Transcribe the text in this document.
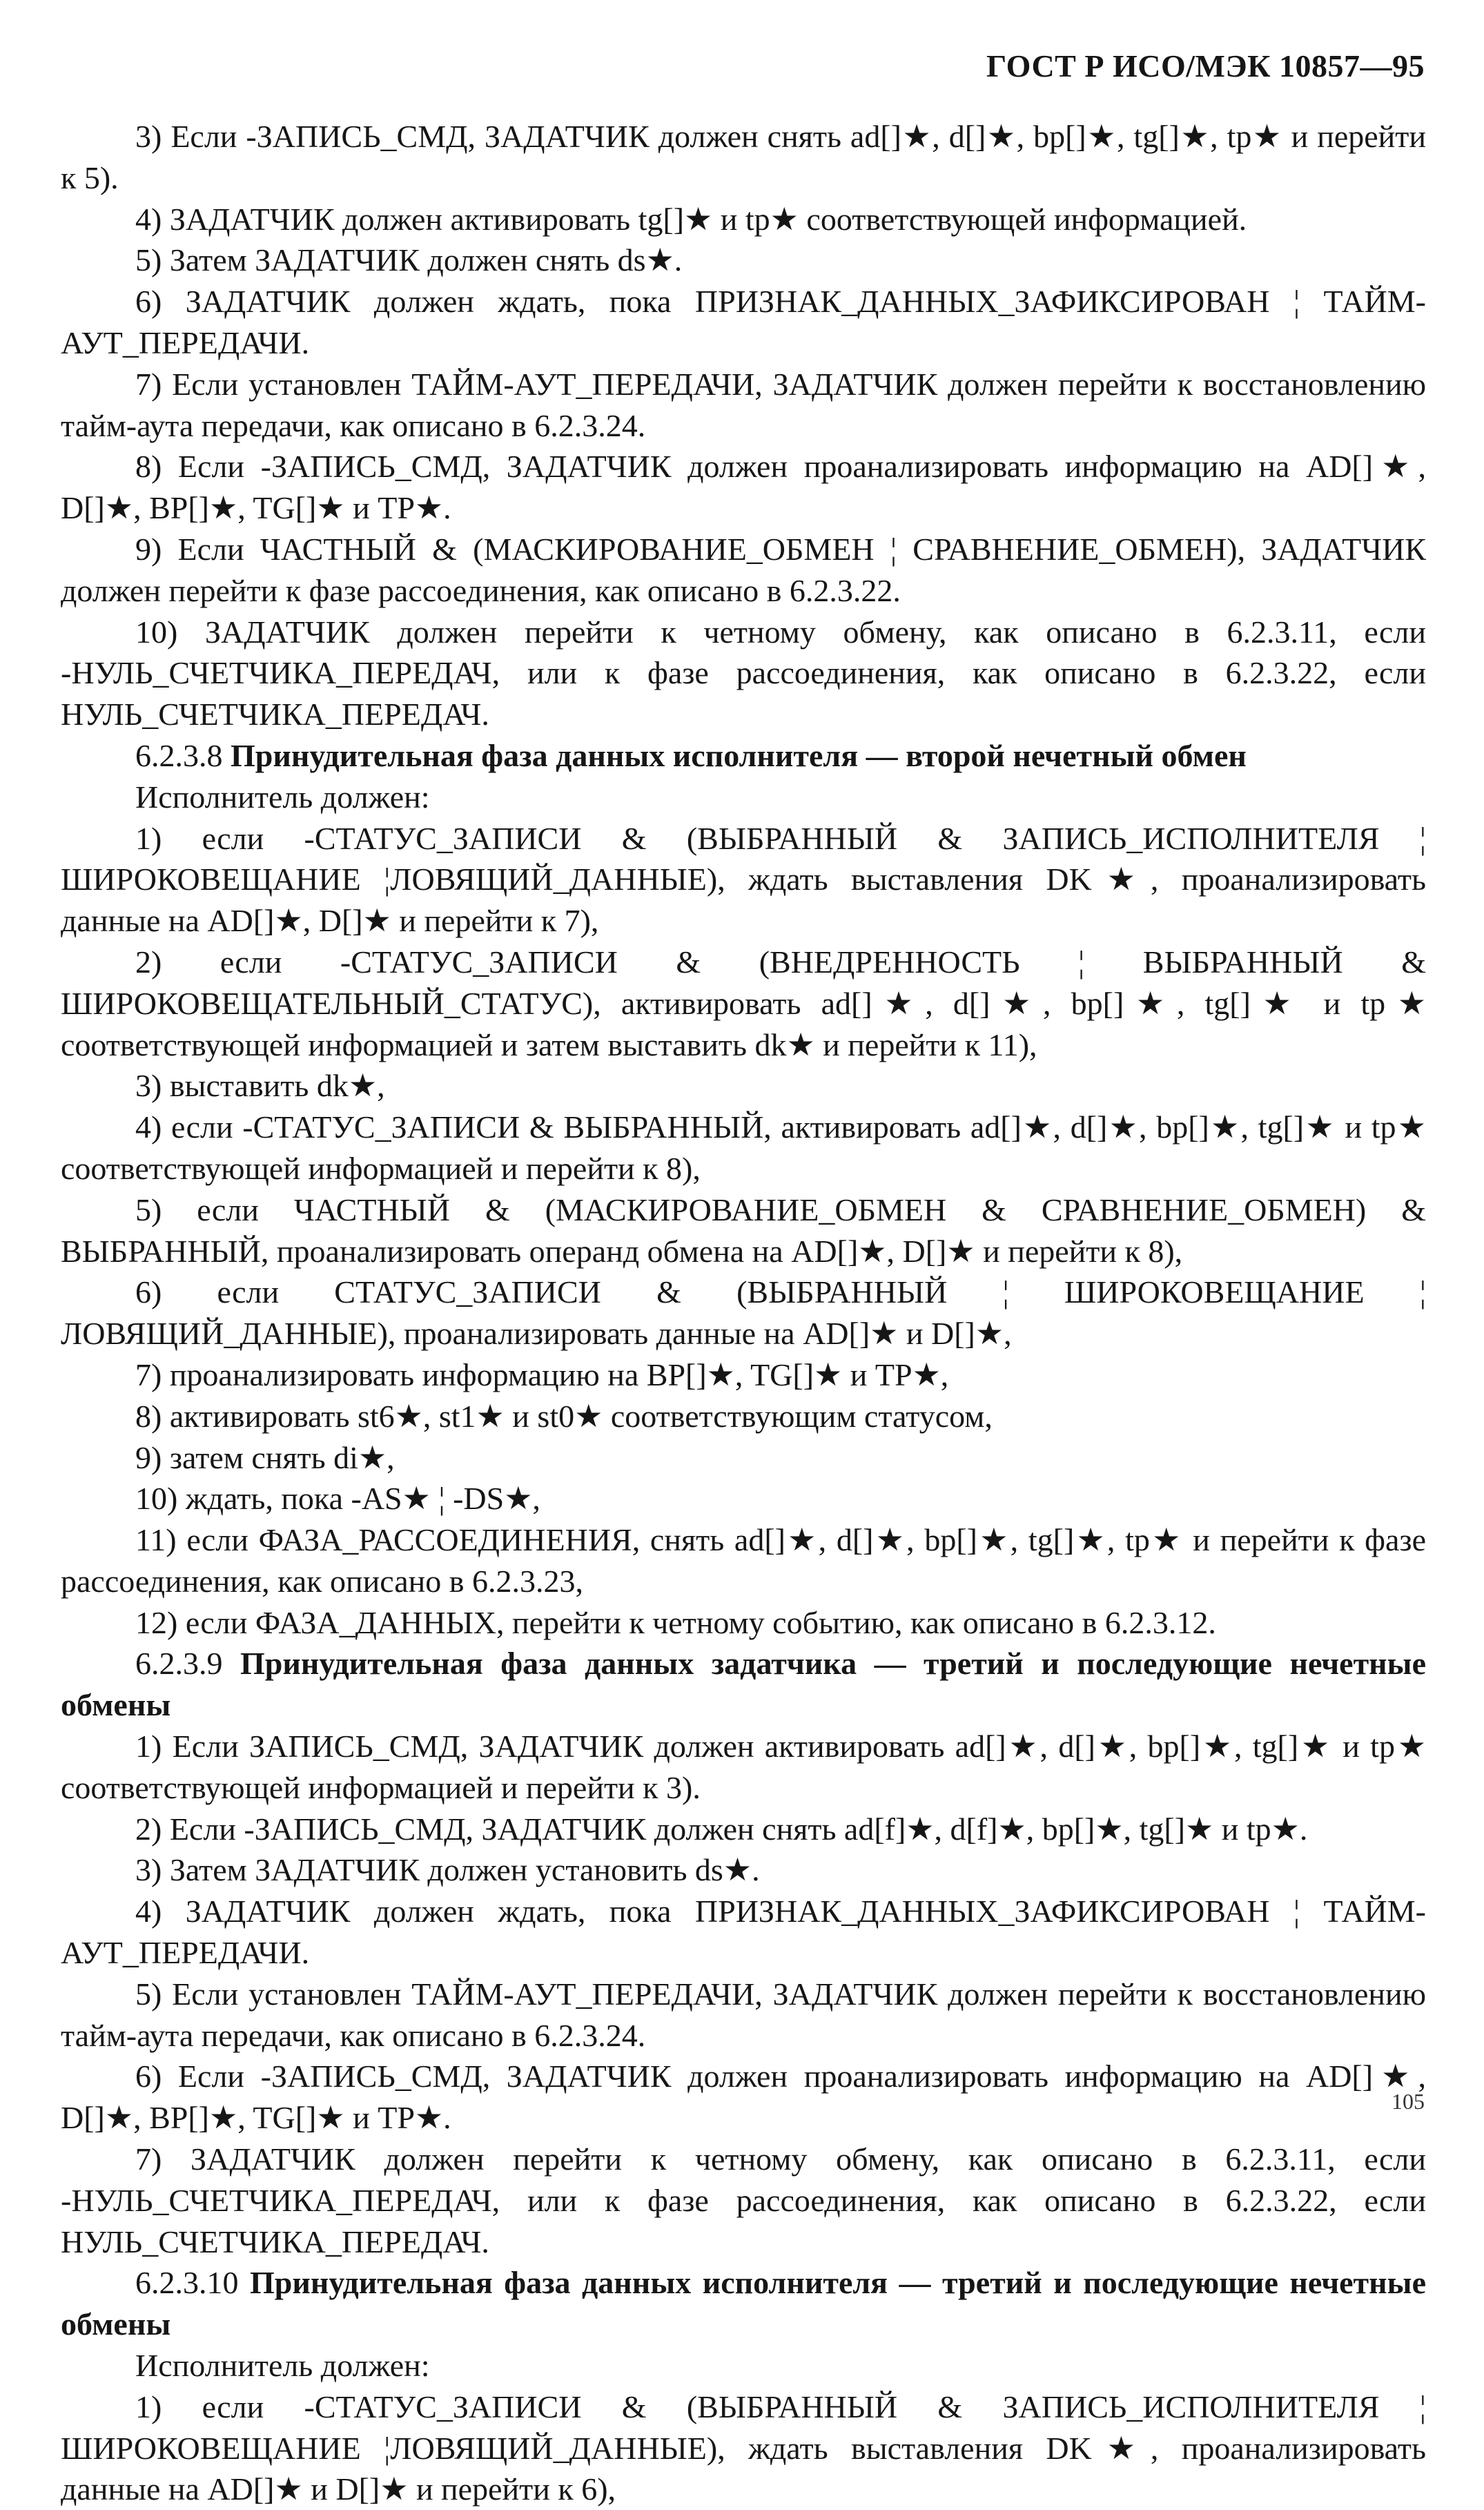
ГОСТ Р ИСО/МЭК 10857—95

3) Если -ЗАПИСЬ_СМД, ЗАДАТЧИК должен снять ad[]★, d[]★, bp[]★, tg[]★, tp★ и перейти к 5).

4) ЗАДАТЧИК должен активировать tg[]★ и tp★ соответствующей информацией.

5) Затем ЗАДАТЧИК должен снять ds★.

6) ЗАДАТЧИК должен ждать, пока ПРИЗНАК_ДАННЫХ_ЗАФИКСИРОВАН ¦ ТАЙМ-АУТ_ПЕРЕДАЧИ.

7) Если установлен ТАЙМ-АУТ_ПЕРЕДАЧИ, ЗАДАТЧИК должен перейти к восстановлению тайм-аута передачи, как описано в 6.2.3.24.

8) Если -ЗАПИСЬ_СМД, ЗАДАТЧИК должен проанализировать информацию на AD[]★, D[]★, BP[]★, TG[]★ и TP★.

9) Если ЧАСТНЫЙ & (МАСКИРОВАНИЕ_ОБМЕН ¦ СРАВНЕНИЕ_ОБМЕН), ЗАДАТЧИК должен перейти к фазе рассоединения, как описано в 6.2.3.22.

10) ЗАДАТЧИК должен перейти к четному обмену, как описано в 6.2.3.11, если -НУЛЬ_СЧЕТЧИКА_ПЕРЕДАЧ, или к фазе рассоединения, как описано в 6.2.3.22, если НУЛЬ_СЧЕТЧИКА_ПЕРЕДАЧ.

6.2.3.8 Принудительная фаза данных исполнителя — второй нечетный обмен

Исполнитель должен:

1) если -СТАТУС_ЗАПИСИ & (ВЫБРАННЫЙ & ЗАПИСЬ_ИСПОЛНИТЕЛЯ ¦ ШИРОКОВЕЩАНИЕ ¦ЛОВЯЩИЙ_ДАННЫЕ), ждать выставления DK★, проанализировать данные на AD[]★, D[]★ и перейти к 7),

2) если -СТАТУС_ЗАПИСИ & (ВНЕДРЕННОСТЬ ¦ ВЫБРАННЫЙ & ШИРОКОВЕЩАТЕЛЬНЫЙ_СТАТУС), активировать ad[]★, d[]★, bp[]★, tg[]★ и tp★ соответствующей информацией и затем выставить dk★ и перейти к 11),

3) выставить dk★,

4) если -СТАТУС_ЗАПИСИ & ВЫБРАННЫЙ, активировать ad[]★, d[]★, bp[]★, tg[]★ и tp★ соответствующей информацией и перейти к 8),

5) если ЧАСТНЫЙ & (МАСКИРОВАНИЕ_ОБМЕН & СРАВНЕНИЕ_ОБМЕН) & ВЫБРАННЫЙ, проанализировать операнд обмена на AD[]★, D[]★ и перейти к 8),

6) если СТАТУС_ЗАПИСИ & (ВЫБРАННЫЙ ¦ ШИРОКОВЕЩАНИЕ ¦ ЛОВЯЩИЙ_ДАННЫЕ), проанализировать данные на AD[]★ и D[]★,

7) проанализировать информацию на BP[]★, TG[]★ и TP★,

8) активировать st6★, st1★ и st0★ соответствующим статусом,

9) затем снять di★,

10) ждать, пока -AS★ ¦ -DS★,

11) если ФАЗА_РАССОЕДИНЕНИЯ, снять ad[]★, d[]★, bp[]★, tg[]★, tp★ и перейти к фазе рассоединения, как описано в 6.2.3.23,

12) если ФАЗА_ДАННЫХ, перейти к четному событию, как описано в 6.2.3.12.

6.2.3.9 Принудительная фаза данных задатчика — третий и последующие нечетные обмены

1) Если ЗАПИСЬ_СМД, ЗАДАТЧИК должен активировать ad[]★, d[]★, bp[]★, tg[]★ и tp★ соответствующей информацией и перейти к 3).

2) Если -ЗАПИСЬ_СМД, ЗАДАТЧИК должен снять ad[f]★, d[f]★, bp[]★, tg[]★ и tp★.

3) Затем ЗАДАТЧИК должен установить ds★.

4) ЗАДАТЧИК должен ждать, пока ПРИЗНАК_ДАННЫХ_ЗАФИКСИРОВАН ¦ ТАЙМ-АУТ_ПЕРЕДАЧИ.

5) Если установлен ТАЙМ-АУТ_ПЕРЕДАЧИ, ЗАДАТЧИК должен перейти к восстановлению тайм-аута передачи, как описано в 6.2.3.24.

6) Если -ЗАПИСЬ_СМД, ЗАДАТЧИК должен проанализировать информацию на AD[]★, D[]★, BP[]★, TG[]★ и TP★.

7) ЗАДАТЧИК должен перейти к четному обмену, как описано в 6.2.3.11, если -НУЛЬ_СЧЕТЧИКА_ПЕРЕДАЧ, или к фазе рассоединения, как описано в 6.2.3.22, если НУЛЬ_СЧЕТЧИКА_ПЕРЕДАЧ.

6.2.3.10 Принудительная фаза данных исполнителя — третий и последующие нечетные обмены

Исполнитель должен:

1) если -СТАТУС_ЗАПИСИ & (ВЫБРАННЫЙ & ЗАПИСЬ_ИСПОЛНИТЕЛЯ ¦ ШИРОКОВЕЩАНИЕ ¦ЛОВЯЩИЙ_ДАННЫЕ), ждать выставления DK★, проанализировать данные на AD[]★ и D[]★ и перейти к 6),

105
